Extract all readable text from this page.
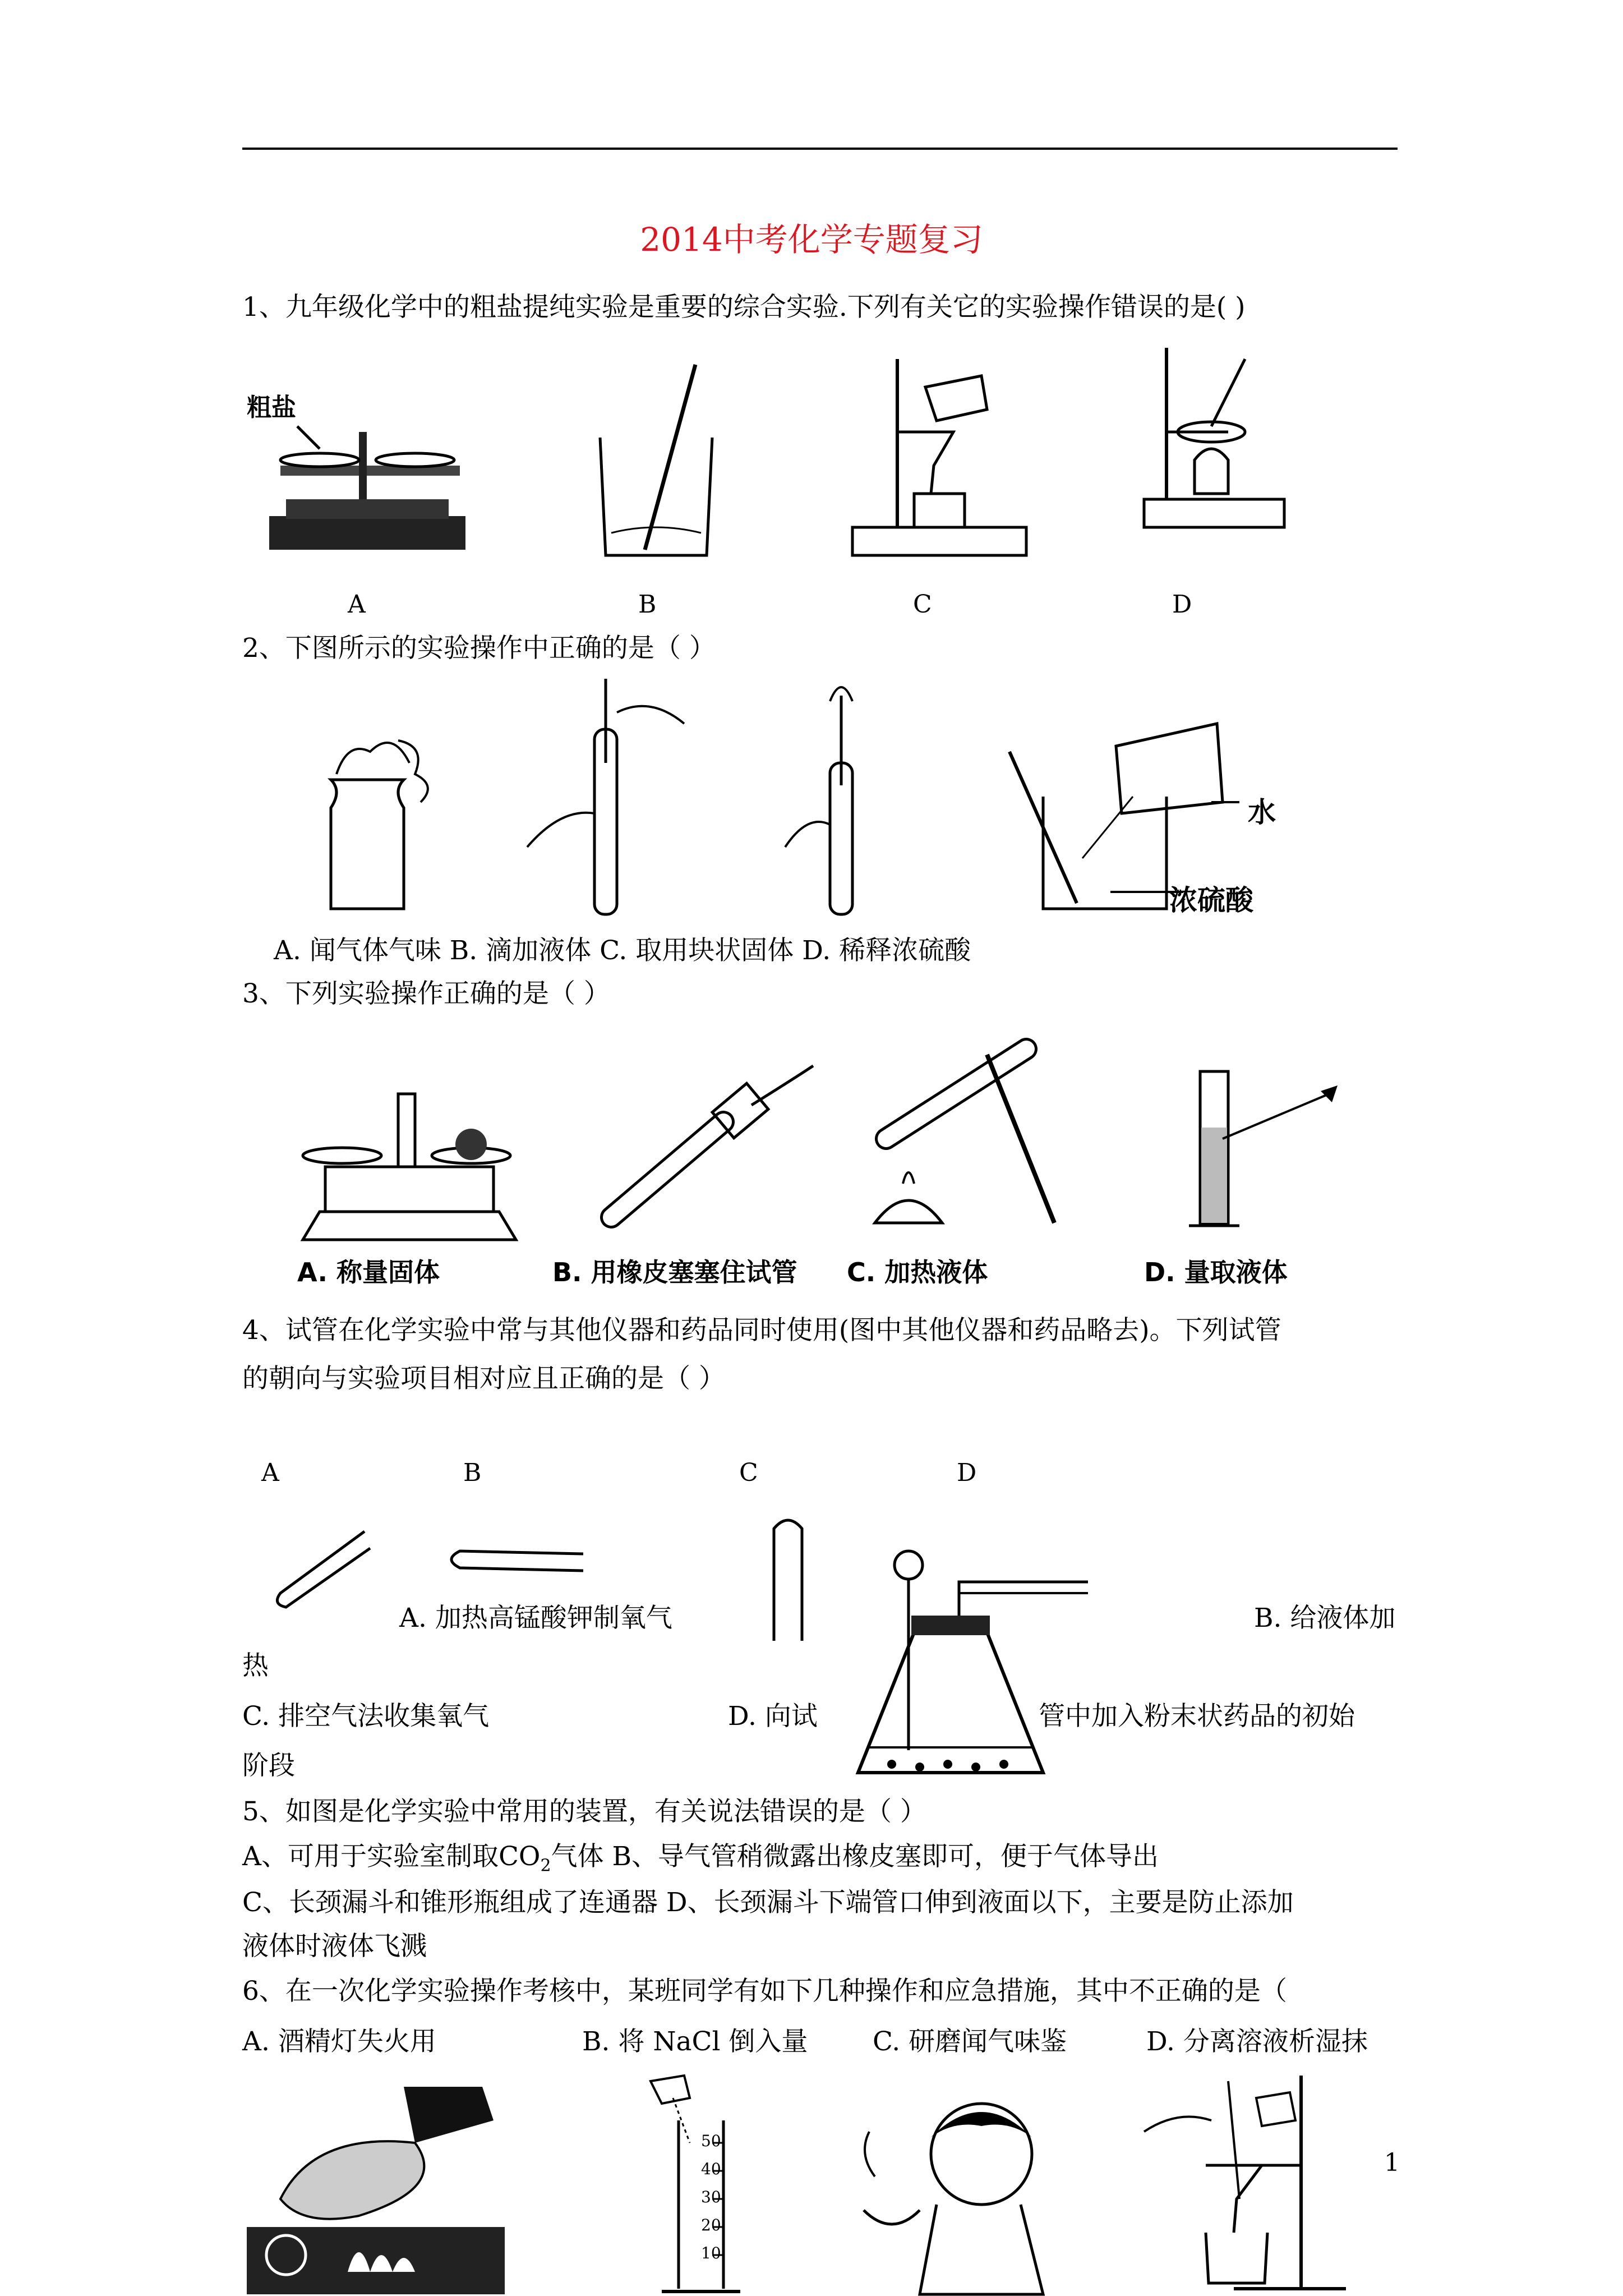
2014中考化学专题复习
1、九年级化学中的粗盐提纯实验是重要的综合实验.下列有关它的实验操作错误的是( )
粗盐
A	B	C	D
2、下图所示的实验操作中正确的是（ ）
水
浓硫酸
A. 闻气体气味 B. 滴加液体 C. 取用块状固体 D. 稀释浓硫酸
3、下列实验操作正确的是（ ）
A. 称量固体	B. 用橡皮塞塞住试管 C. 加热液体	D. 量取液体
4、试管在化学实验中常与其他仪器和药品同时使用(图中其他仪器和药品略去)。下列试管
的朝向与实验项目相对应且正确的是（ ）
A	B	C	D
A. 加热高锰酸钾制氧气	B. 给液体加
热
C. 排空气法收集氧气	D. 向试	管中加入粉末状药品的初始
阶段
5、如图是化学实验中常用的装置，有关说法错误的是（ ）
A、可用于实验室制取$CO_2$气体 B、导气管稍微露出橡皮塞即可，便于气体导出
C、长颈漏斗和锥形瓶组成了连通器 D、长颈漏斗下端管口伸到液面以下，主要是防止添加
液体时液体飞溅
6、在一次化学实验操作考核中，某班同学有如下几种操作和应急措施，其中不正确的是（
A. 酒精灯失火用	B. 将 NaCl 倒入量 C. 研磨闻气味鉴	D. 分离溶液析湿抹
50
40
30
20
10
1
